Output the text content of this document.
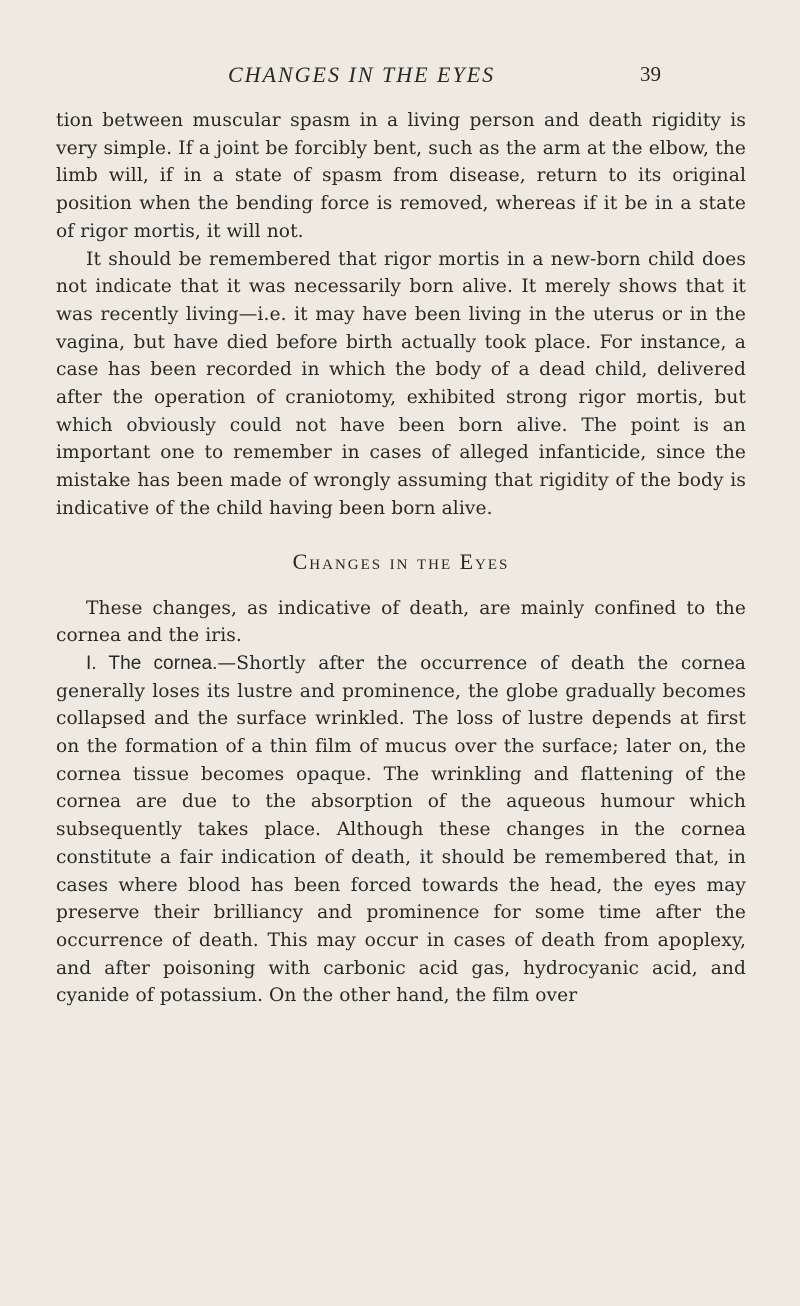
CHANGES IN THE EYES	39

tion between muscular spasm in a living person and death rigidity is very simple. If a joint be forcibly bent, such as the arm at the elbow, the limb will, if in a state of spasm from disease, return to its original position when the bending force is removed, whereas if it be in a state of rigor mortis, it will not.

It should be remembered that rigor mortis in a new-born child does not indicate that it was necessarily born alive. It merely shows that it was recently living—i.e. it may have been living in the uterus or in the vagina, but have died before birth actually took place. For instance, a case has been recorded in which the body of a dead child, delivered after the operation of craniotomy, exhibited strong rigor mortis, but which obviously could not have been born alive. The point is an important one to remember in cases of alleged infanticide, since the mistake has been made of wrongly assuming that rigidity of the body is indicative of the child having been born alive.

Changes in the Eyes

These changes, as indicative of death, are mainly confined to the cornea and the iris.

I. The cornea.—Shortly after the occurrence of death the cornea generally loses its lustre and prominence, the globe gradually becomes collapsed and the surface wrinkled. The loss of lustre depends at first on the formation of a thin film of mucus over the surface; later on, the cornea tissue becomes opaque. The wrinkling and flattening of the cornea are due to the absorption of the aqueous humour which subsequently takes place. Although these changes in the cornea constitute a fair indication of death, it should be remembered that, in cases where blood has been forced towards the head, the eyes may preserve their brilliancy and prominence for some time after the occurrence of death. This may occur in cases of death from apoplexy, and after poisoning with carbonic acid gas, hydrocyanic acid, and cyanide of potassium. On the other hand, the film over
